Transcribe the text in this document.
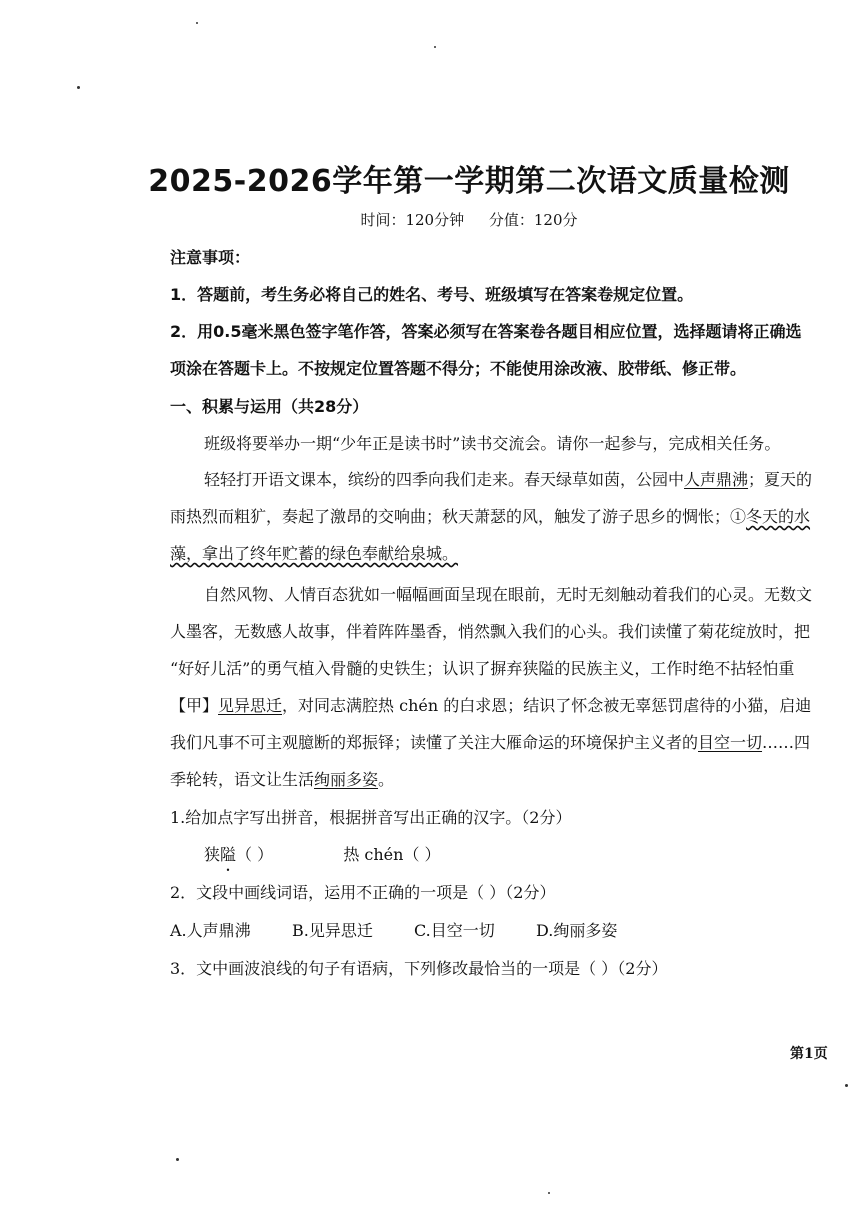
2025-2026学年第一学期第二次语文质量检测
时间：120分钟 分值：120分
注意事项：
1．答题前，考生务必将自己的姓名、考号、班级填写在答案卷规定位置。
2．用0.5毫米黑色签字笔作答，答案必须写在答案卷各题目相应位置，选择题请将正确选
项涂在答题卡上。不按规定位置答题不得分；不能使用涂改液、胶带纸、修正带。
一、积累与运用（共28分）
班级将要举办一期“少年正是读书时”读书交流会。请你一起参与，完成相关任务。
轻轻打开语文课本，缤纷的四季向我们走来。春天绿草如茵，公园中人声鼎沸；夏天的
雨热烈而粗犷，奏起了激昂的交响曲；秋天萧瑟的风，触发了游子思乡的惆怅；①冬天的水
藻，拿出了终年贮蓄的绿色奉献给泉城。
自然风物、人情百态犹如一幅幅画面呈现在眼前，无时无刻触动着我们的心灵。无数文
人墨客，无数感人故事，伴着阵阵墨香，悄然飘入我们的心头。我们读懂了菊花绽放时，把
“好好儿活”的勇气植入骨髓的史铁生；认识了摒弃狭隘的民族主义，工作时绝不拈轻怕重
【甲】见异思迁，对同志满腔热 chén 的白求恩；结识了怀念被无辜惩罚虐待的小猫，启迪
我们凡事不可主观臆断的郑振铎；读懂了关注大雁命运的环境保护主义者的目空一切……四
季轮转，语文让生活绚丽多姿。
1.给加点字写出拼音，根据拼音写出正确的汉字。（2分）
狭隘（ ）	热 chén（ ）
2．文段中画线词语，运用不正确的一项是（ ）（2分）
A.人声鼎沸	B.见异思迁	C.目空一切	D.绚丽多姿
3．文中画波浪线的句子有语病，下列修改最恰当的一项是（ ）（2分）
第1页
